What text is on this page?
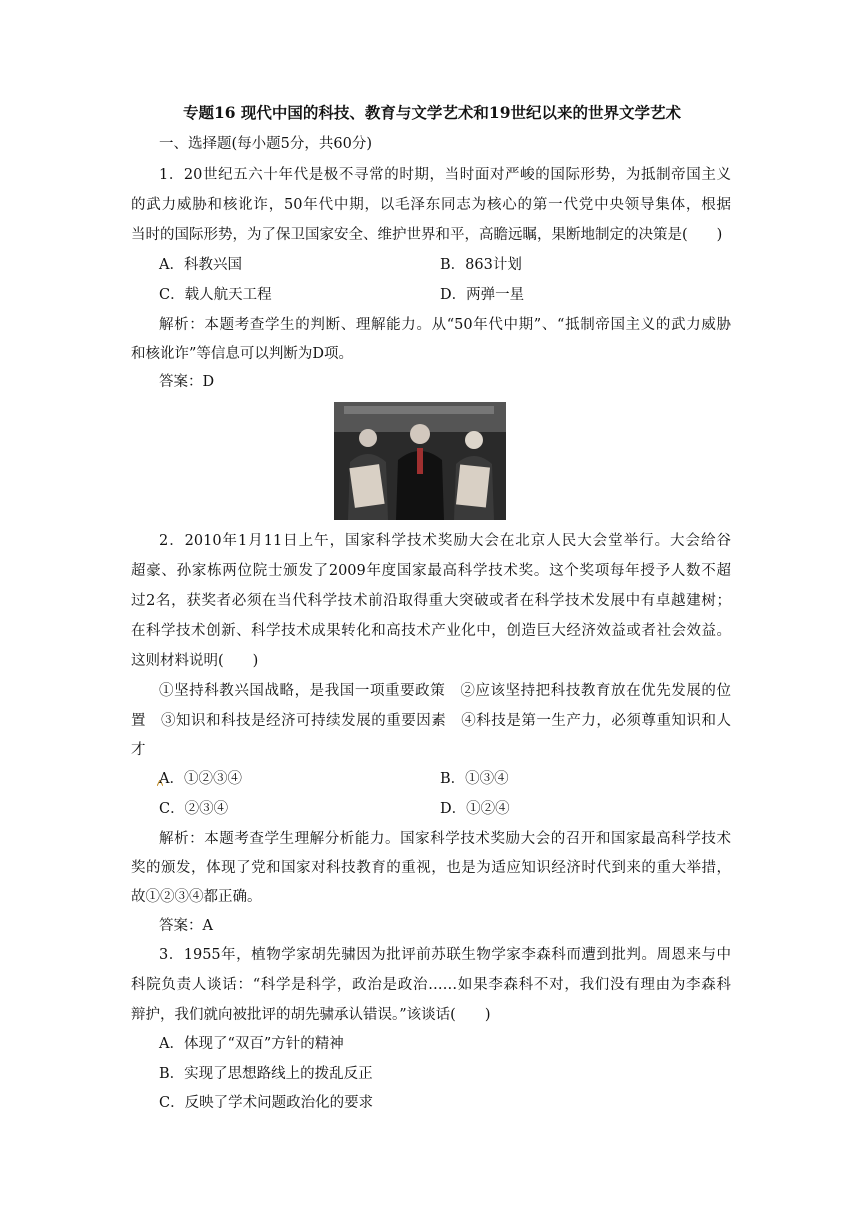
专题16 现代中国的科技、教育与文学艺术和19世纪以来的世界文学艺术
一、选择题(每小题5分，共60分)
1．20世纪五六十年代是极不寻常的时期，当时面对严峻的国际形势，为抵制帝国主义
的武力威胁和核讹诈，50年代中期，以毛泽东同志为核心的第一代党中央领导集体，根据
当时的国际形势，为了保卫国家安全、维护世界和平，高瞻远瞩，果断地制定的决策是(　　)
A．科教兴国	B．863计划
C．载人航天工程	D．两弹一星
解析：本题考查学生的判断、理解能力。从“50年代中期”、“抵制帝国主义的武力威胁
和核讹诈”等信息可以判断为D项。
答案：D
2．2010年1月11日上午，国家科学技术奖励大会在北京人民大会堂举行。大会给谷
超豪、孙家栋两位院士颁发了2009年度国家最高科学技术奖。这个奖项每年授予人数不超
过2名，获奖者必须在当代科学技术前沿取得重大突破或者在科学技术发展中有卓越建树；
在科学技术创新、科学技术成果转化和高技术产业化中，创造巨大经济效益或者社会效益。
这则材料说明(　　)
①坚持科教兴国战略，是我国一项重要政策　②应该坚持把科技教育放在优先发展的位
置　③知识和科技是经济可持续发展的重要因素　④科技是第一生产力，必须尊重知识和人
才
A．①②③④	B．①③④
C．②③④	D．①②④
解析：本题考查学生理解分析能力。国家科学技术奖励大会的召开和国家最高科学技术
奖的颁发，体现了党和国家对科技教育的重视，也是为适应知识经济时代到来的重大举措，
故①②③④都正确。
答案：A
3．1955年，植物学家胡先骕因为批评前苏联生物学家李森科而遭到批判。周恩来与中
科院负责人谈话：“科学是科学，政治是政治……如果李森科不对，我们没有理由为李森科
辩护，我们就向被批评的胡先骕承认错误。”该谈话(　　)
A．体现了“双百”方针的精神
B．实现了思想路线上的拨乱反正
C．反映了学术问题政治化的要求
